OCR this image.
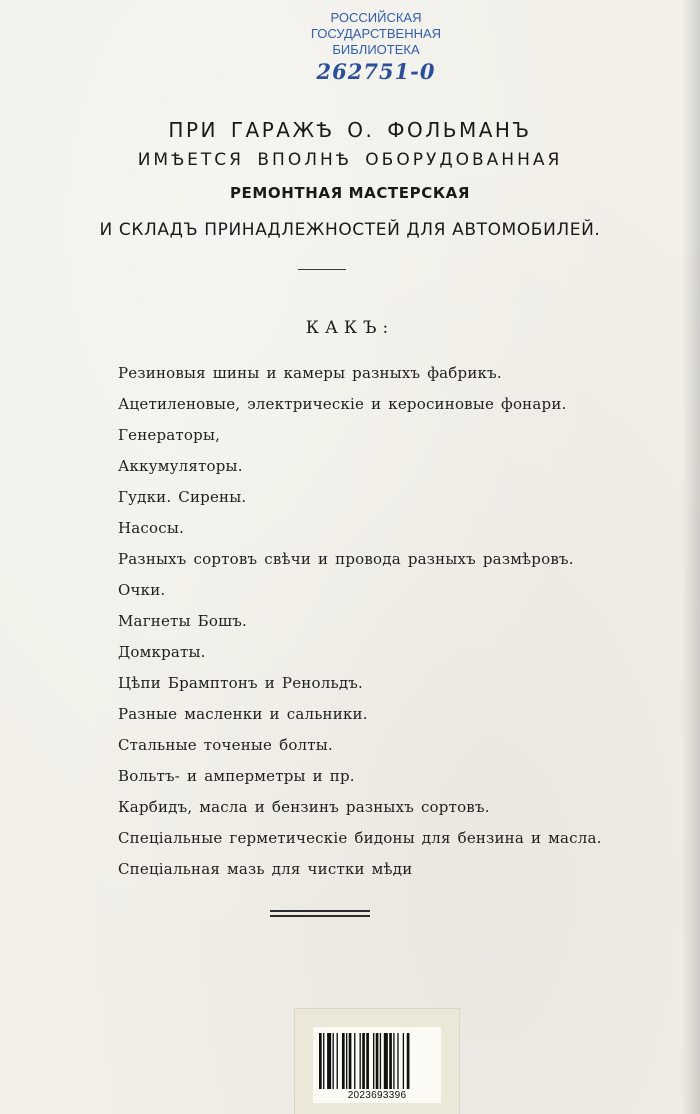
РОССИЙСКАЯ
ГОСУДАРСТВЕННАЯ
БИБЛИОТЕКА
262751-0
ПРИ ГАРАЖѢ О. ФОЛЬМАНЪ
ИМѢЕТСЯ ВПОЛНѢ ОБОРУДОВАННАЯ
РЕМОНТНАЯ МАСТЕРСКАЯ
И СКЛАДЪ ПРИНАДЛЕЖНОСТЕЙ ДЛЯ АВТОМОБИЛЕЙ.
КАКЪ:
Резиновыя шины и камеры разныхъ фабрикъ.
Ацетиленовые, электрическіе и керосиновые фонари.
Генераторы,
Аккумуляторы.
Гудки. Сирены.
Насосы.
Разныхъ сортовъ свѣчи и провода разныхъ размѣровъ.
Очки.
Магнеты Бошъ.
Домкраты.
Цѣпи Брамптонъ и Ренольдъ.
Разные масленки и сальники.
Стальные точеные болты.
Вольтъ- и амперметры и пр.
Карбидъ, масла и бензинъ разныхъ сортовъ.
Спеціальные герметическіе бидоны для бензина и масла.
Спеціальная мазь для чистки мѣди
2023693396
